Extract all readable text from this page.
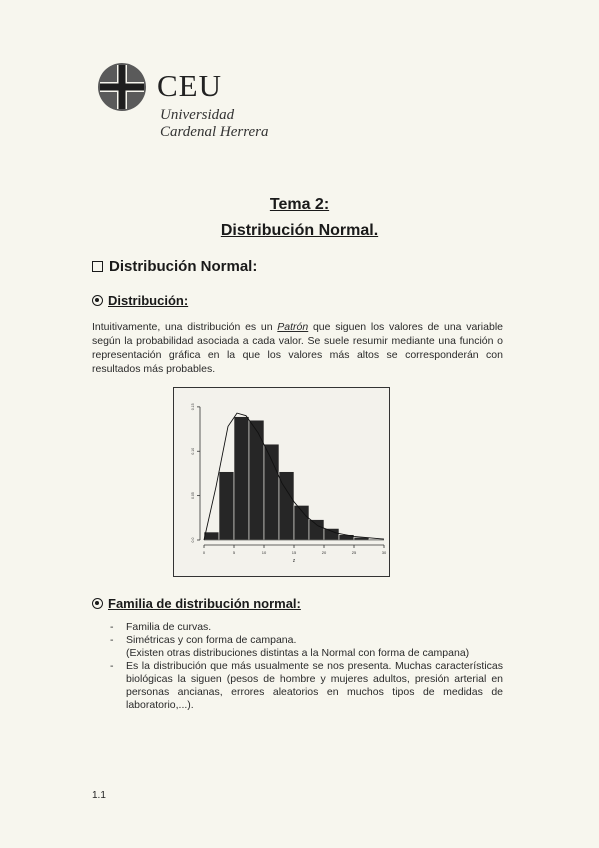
CEU
Universidad
Cardenal Herrera
Tema 2:
Distribución Normal.
Distribución Normal:
Distribución:

Intuitivamente, una distribución es un Patrón que siguen los valores de una variable según la probabilidad asociada a cada valor. Se suele resumir mediante una función o representación gráfica en la que los valores más altos se corresponderán con resultados más probables.

0.0
0.05
0.10
0.15
0	5	10	15	20	25	30
z
Familia de distribución normal:
- Familia de curvas.
- Simétricas y con forma de campana.
(Existen otras distribuciones distintas a la Normal con forma de campana)
- Es la distribución que más usualmente se nos presenta. Muchas características biológicas la siguen (pesos de hombre y mujeres adultos, presión arterial en personas ancianas, errores aleatorios en muchos tipos de medidas de laboratorio,...).
1.1
